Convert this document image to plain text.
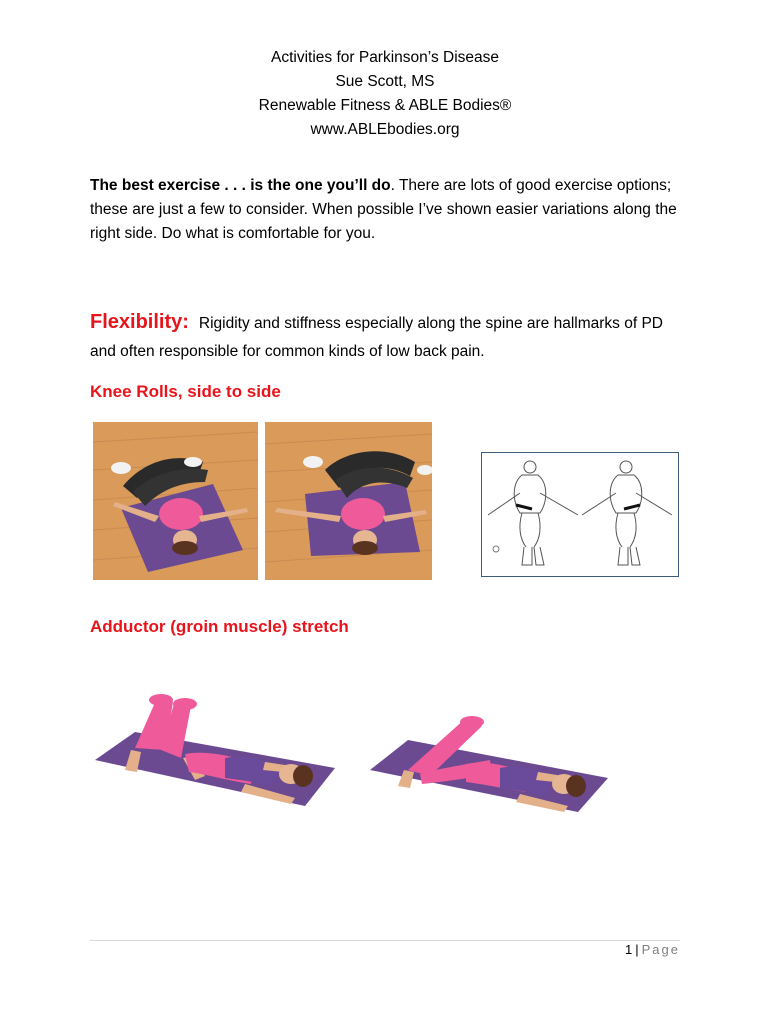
Activities for Parkinson’s Disease
Sue Scott, MS
Renewable Fitness & ABLE Bodies®
www.ABLEbodies.org
The best exercise . . . is the one you’ll do. There are lots of good exercise options; these are just a few to consider. When possible I’ve shown easier variations along the right side. Do what is comfortable for you.
Flexibility: Rigidity and stiffness especially along the spine are hallmarks of PD and often responsible for common kinds of low back pain.
Knee Rolls, side to side
Adductor (groin muscle) stretch
1 | Page
